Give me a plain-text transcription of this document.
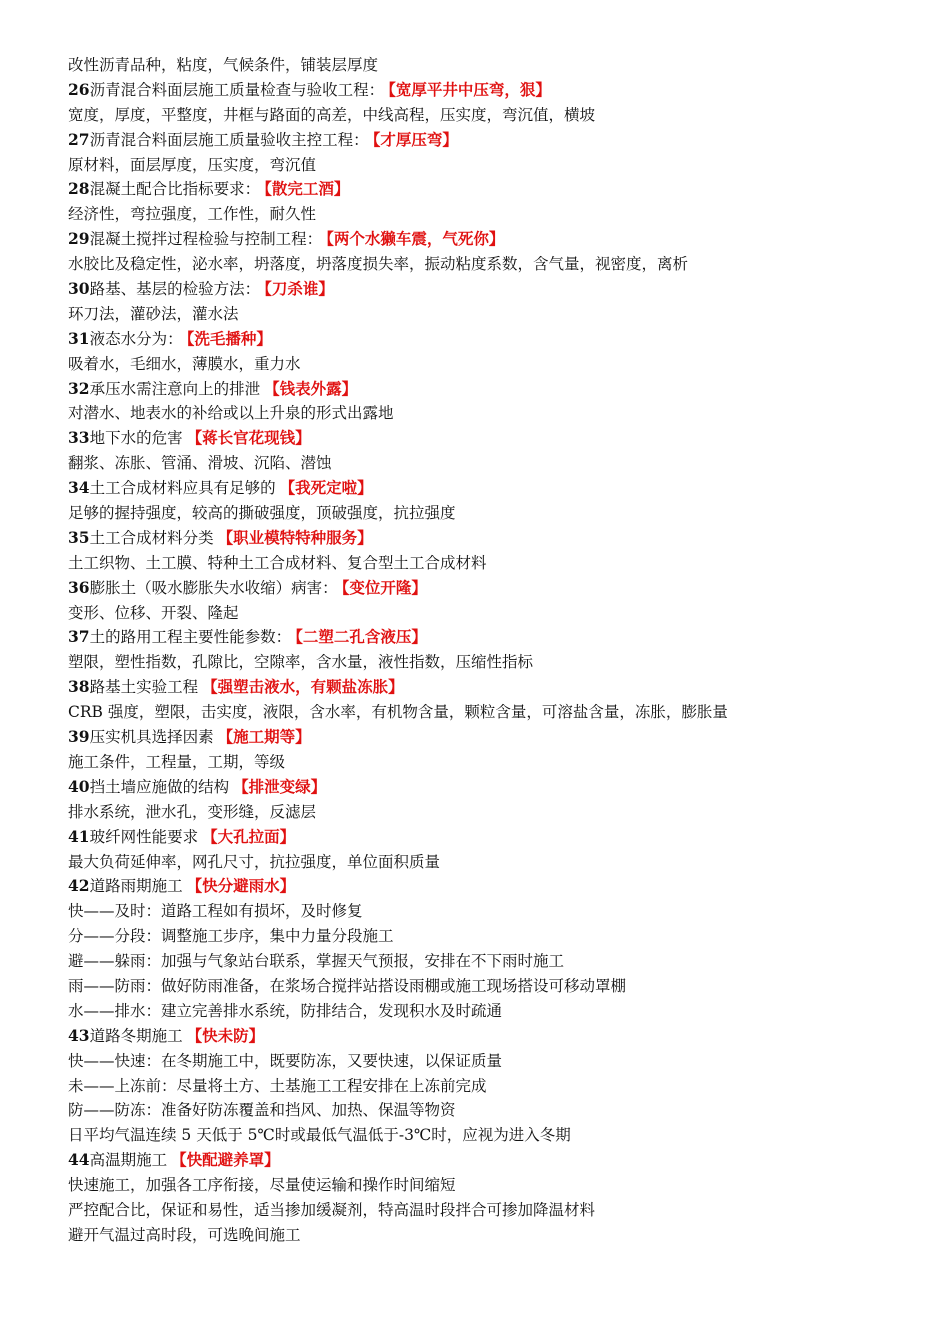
改性沥青品种，粘度，气候条件，铺装层厚度
26沥青混合料面层施工质量检查与验收工程： 【宽厚平井中压弯，狠】
宽度，厚度，平整度，井框与路面的高差，中线高程，压实度，弯沉值，横坡
27沥青混合料面层施工质量验收主控工程： 【才厚压弯】
原材料，面层厚度，压实度，弯沉值
28混凝土配合比指标要求： 【散完工酒】
经济性，弯拉强度，工作性，耐久性
29混凝土搅拌过程检验与控制工程： 【两个水獭车震，气死你】
水胶比及稳定性，泌水率，坍落度，坍落度损失率，振动粘度系数，含气量，视密度，离析
30路基、基层的检验方法： 【刀杀谁】
环刀法，灌砂法，灌水法
31液态水分为： 【洗毛播种】
吸着水，毛细水，薄膜水，重力水
32承压水需注意向上的排泄 【钱表外露】
对潜水、地表水的补给或以上升泉的形式出露地
33地下水的危害 【蒋长官花现钱】
翻浆、冻胀、管涌、滑坡、沉陷、潜蚀
34土工合成材料应具有足够的 【我死定啦】
足够的握持强度，较高的撕破强度，顶破强度，抗拉强度
35土工合成材料分类 【职业模特特种服务】
土工织物、土工膜、特种土工合成材料、复合型土工合成材料
36膨胀土（吸水膨胀失水收缩）病害： 【变位开隆】
变形、位移、开裂、隆起
37土的路用工程主要性能参数： 【二塑二孔含液压】
塑限，塑性指数，孔隙比，空隙率，含水量，液性指数，压缩性指标
38路基土实验工程 【强塑击液水，有颗盐冻胀】
CRB 强度，塑限，击实度，液限，含水率，有机物含量，颗粒含量，可溶盐含量，冻胀，膨胀量
39压实机具选择因素 【施工期等】
施工条件，工程量，工期，等级
40挡土墙应施做的结构 【排泄变绿】
排水系统，泄水孔，变形缝，反滤层
41玻纤网性能要求 【大孔拉面】
最大负荷延伸率，网孔尺寸，抗拉强度，单位面积质量
42道路雨期施工 【快分避雨水】
快——及时：道路工程如有损坏，及时修复
分——分段：调整施工步序，集中力量分段施工
避——躲雨：加强与气象站台联系，掌握天气预报，安排在不下雨时施工
雨——防雨：做好防雨准备，在浆场合搅拌站搭设雨棚或施工现场搭设可移动罩棚
水——排水：建立完善排水系统，防排结合，发现积水及时疏通
43道路冬期施工 【快未防】
快——快速：在冬期施工中，既要防冻，又要快速，以保证质量
未——上冻前：尽量将土方、土基施工工程安排在上冻前完成
防——防冻：准备好防冻覆盖和挡风、加热、保温等物资
日平均气温连续 5 天低于 5℃时或最低气温低于-3℃时，应视为进入冬期
44高温期施工 【快配避养罩】
快速施工，加强各工序衔接，尽量使运输和操作时间缩短
严控配合比，保证和易性，适当掺加缓凝剂，特高温时段拌合可掺加降温材料
避开气温过高时段，可选晚间施工
